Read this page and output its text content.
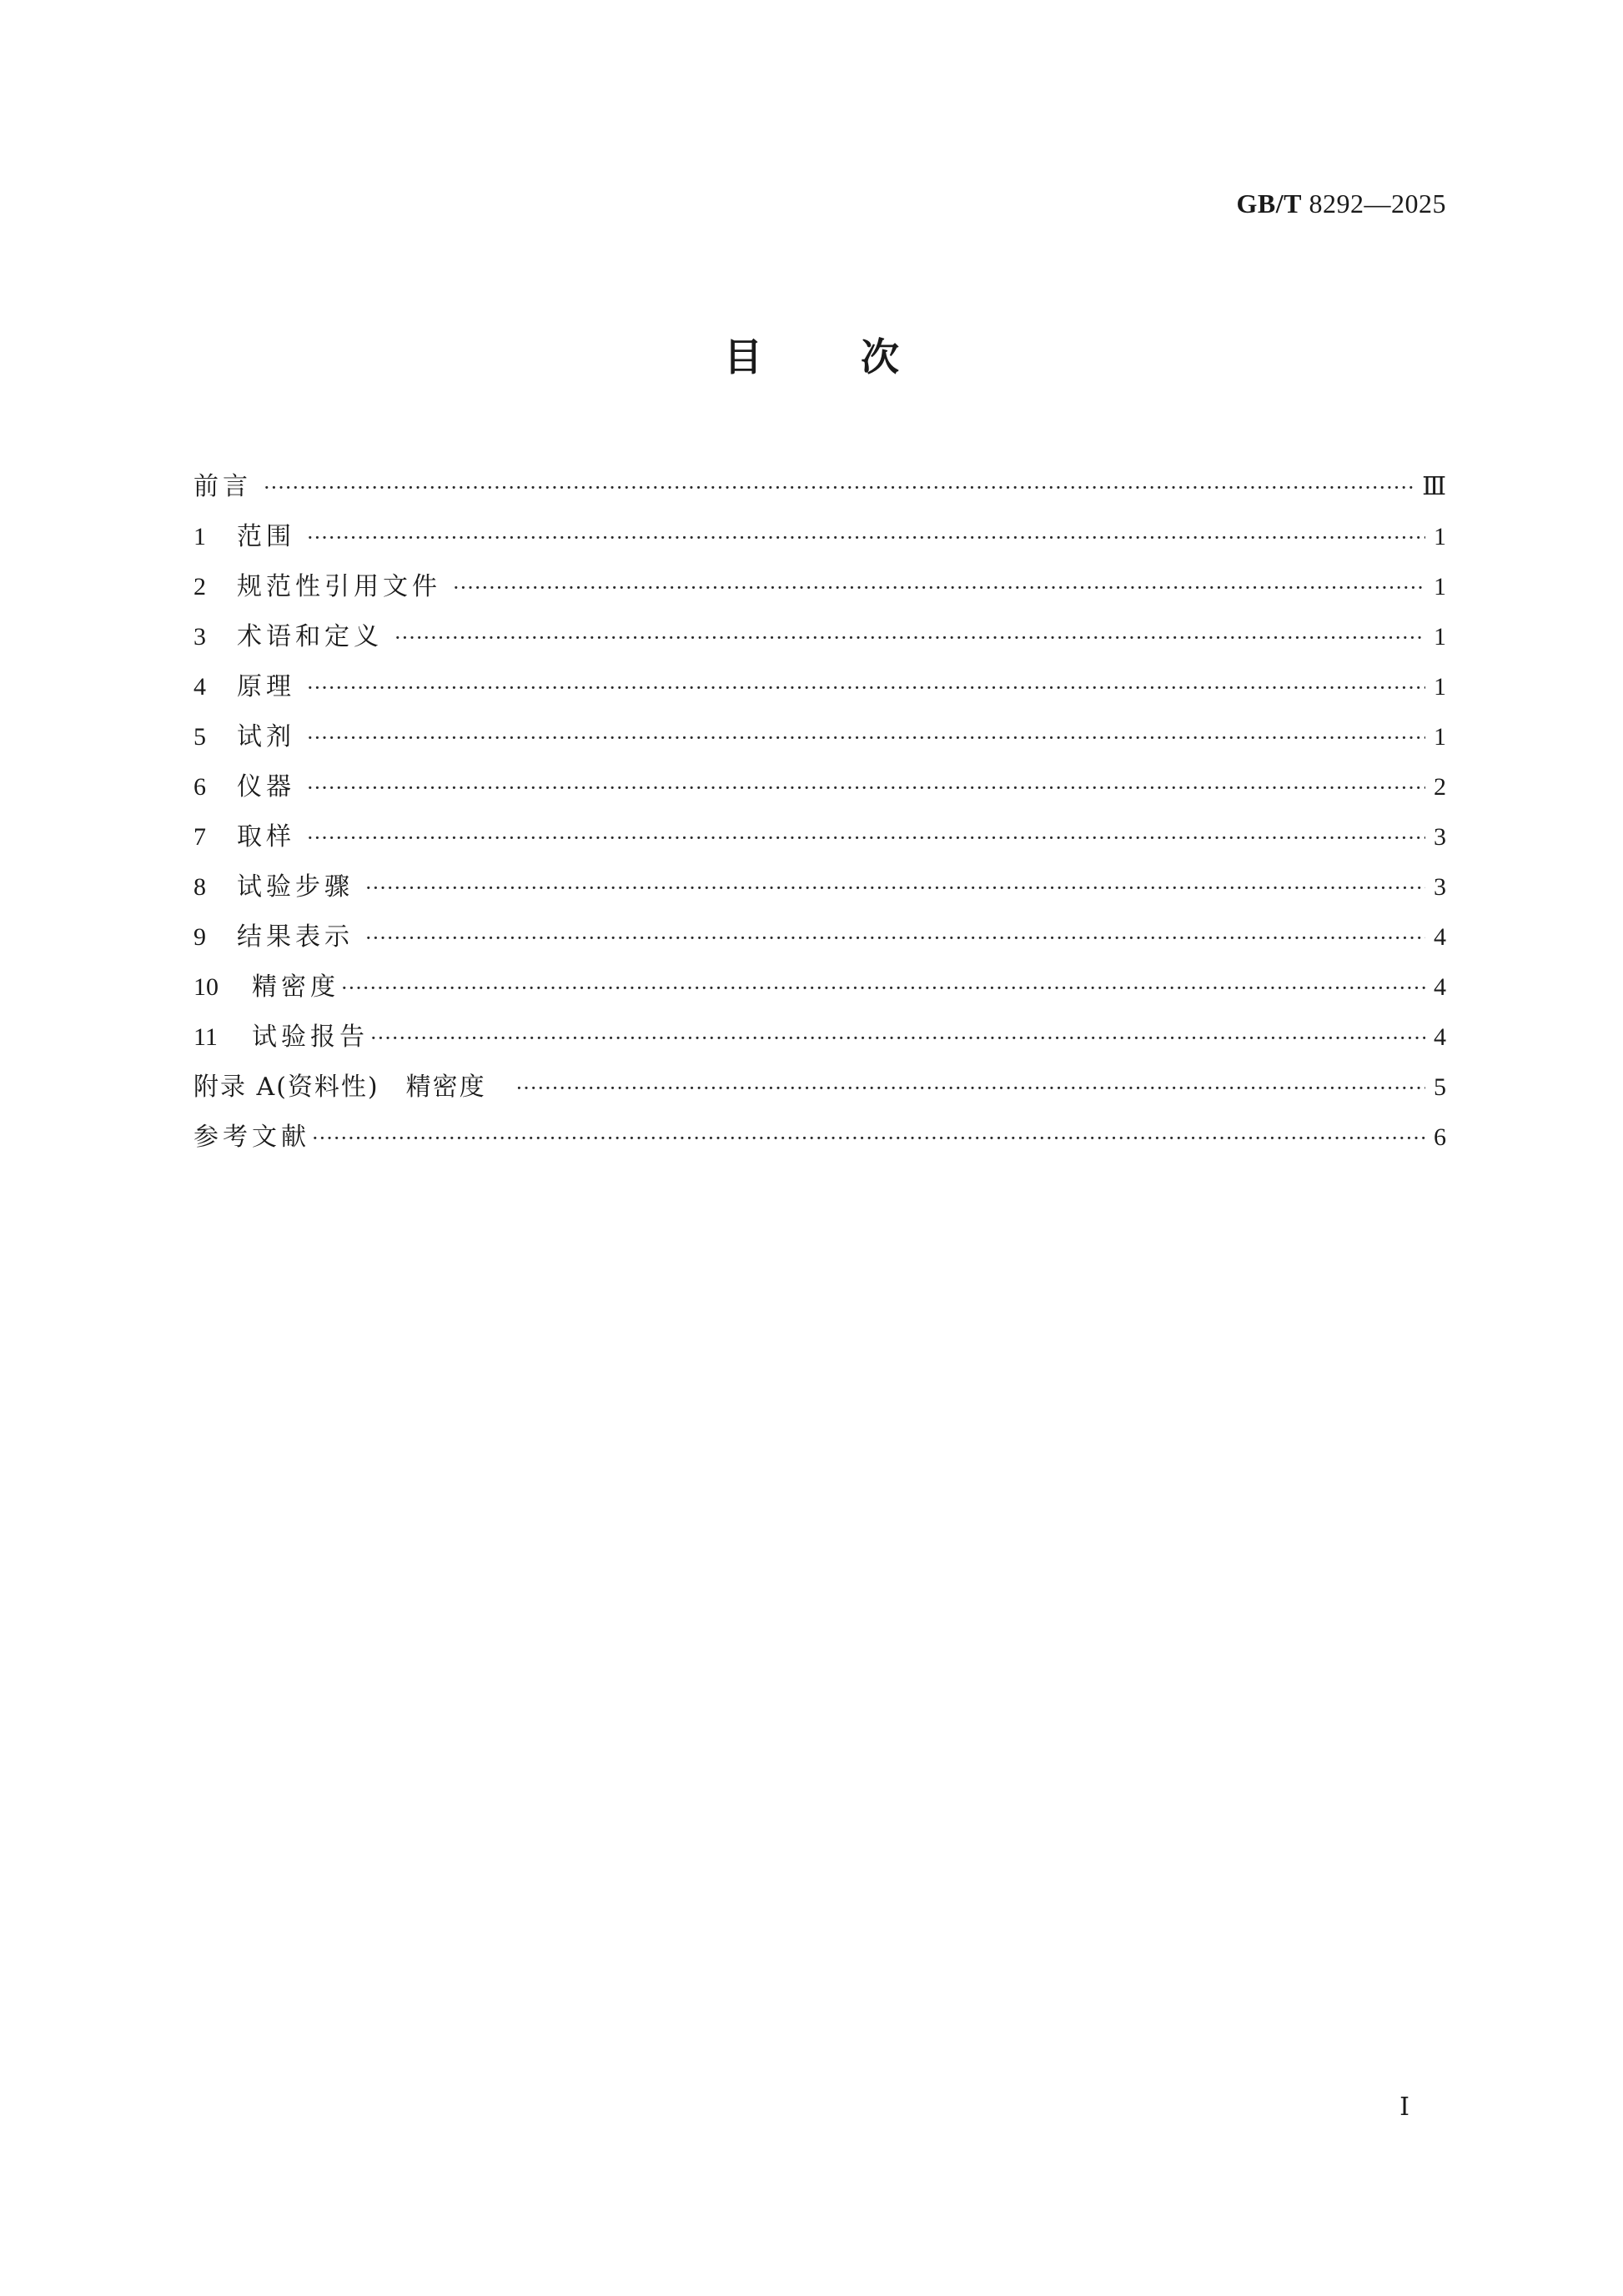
GB/T 8292—2025
目	次
前言 ·····	Ⅲ
1	范围 ·····	1
2	规范性引用文件 ·····	1
3	术语和定义 ·····	1
4	原理 ·····	1
5	试剂 ·····	1
6	仪器 ·····	2
7	取样 ·····	3
8	试验步骤 ·····	3
9	结果表示 ·····	4
10	精密度 ·····	4
11	试验报告 ·····	4
附录 A(资料性)　精密度 ·····	5
参考文献 ·····	6
Ⅰ
